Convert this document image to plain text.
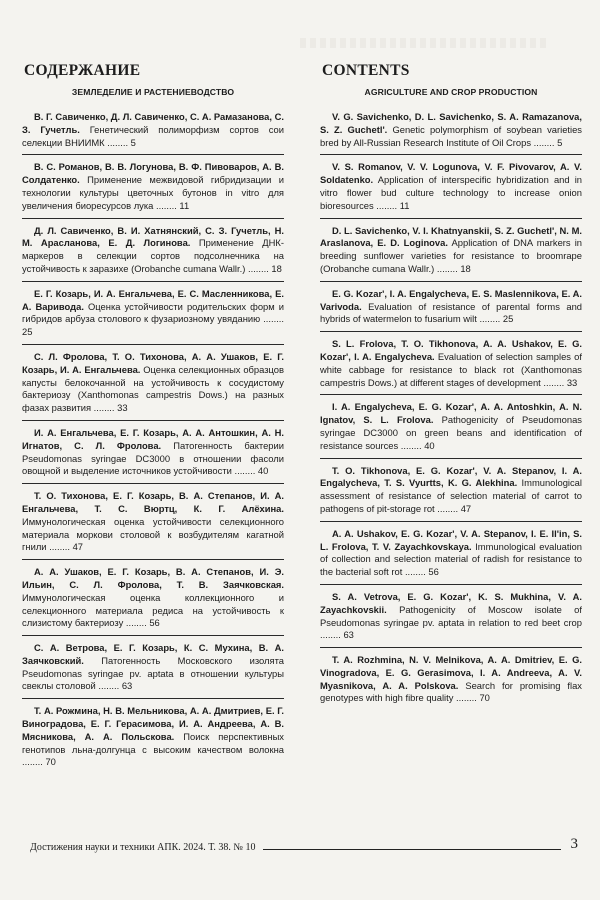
СОДЕРЖАНИЕ
ЗЕМЛЕДЕЛИЕ И РАСТЕНИЕВОДСТВО
В. Г. Савиченко, Д. Л. Савиченко, С. А. Рамазанова, С. З. Гучетль. Генетический полиморфизм сортов сои селекции ВНИИМК ........ 5
В. С. Романов, В. В. Логунова, В. Ф. Пивоваров, А. В. Солдатенко. Применение межвидовой гибридизации и технологии культуры цветочных бутонов in vitro для увеличения биоресурсов лука ........ 11
Д. Л. Савиченко, В. И. Хатнянский, С. З. Гучетль, Н. М. Арасланова, Е. Д. Логинова. Применение ДНК-маркеров в селекции сортов подсолнечника на устойчивость к заразихе (Orobanche cumana Wallr.) ........ 18
Е. Г. Козарь, И. А. Енгальчева, Е. С. Масленникова, Е. А. Варивода. Оценка устойчивости родительских форм и гибридов арбуза столового к фузариозному увяданию ........ 25
С. Л. Фролова, Т. О. Тихонова, А. А. Ушаков, Е. Г. Козарь, И. А. Енгальчева. Оценка селекционных образцов капусты белокочанной на устойчивость к сосудистому бактериозу (Xanthomonas campestris Dows.) на разных фазах развития ........ 33
И. А. Енгальчева, Е. Г. Козарь, А. А. Антошкин, А. Н. Игнатов, С. Л. Фролова. Патогенность бактерии Pseudomonas syringae DC3000 в отношении фасоли овощной и выделение источников устойчивости ........ 40
Т. О. Тихонова, Е. Г. Козарь, В. А. Степанов, И. А. Енгальчева, Т. С. Вюртц, К. Г. Алёхина. Иммунологическая оценка устойчивости селекционного материала моркови столовой к возбудителям кагатной гнили ........ 47
А. А. Ушаков, Е. Г. Козарь, В. А. Степанов, И. Э. Ильин, С. Л. Фролова, Т. В. Заячковская. Иммунологическая оценка коллекционного и селекционного материала редиса на устойчивость к слизистому бактериозу ........ 56
С. А. Ветрова, Е. Г. Козарь, К. С. Мухина, В. А. Заячковский. Патогенность Московского изолята Pseudomonas syringae pv. aptata в отношении культуры свеклы столовой ........ 63
Т. А. Рожмина, Н. В. Мельникова, А. А. Дмитриев, Е. Г. Виноградова, Е. Г. Герасимова, И. А. Андреева, А. В. Мясникова, А. А. Польскова. Поиск перспективных генотипов льна-долгунца с высоким качеством волокна ........ 70
CONTENTS
AGRICULTURE AND CROP PRODUCTION
V. G. Savichenko, D. L. Savichenko, S. A. Ramazanova, S. Z. Guchetl'. Genetic polymorphism of soybean varieties bred by All-Russian Research Institute of Oil Crops ........ 5
V. S. Romanov, V. V. Logunova, V. F. Pivovarov, A. V. Soldatenko. Application of interspecific hybridization and in vitro flower bud culture technology to increase onion bioresources ........ 11
D. L. Savichenko, V. I. Khatnyanskii, S. Z. Guchetl', N. M. Araslanova, E. D. Loginova. Application of DNA markers in breeding sunflower varieties for resistance to broomrape (Orobanche cumana Wallr.) ........ 18
E. G. Kozar', I. A. Engalycheva, E. S. Maslennikova, E. A. Varivoda. Evaluation of resistance of parental forms and hybrids of watermelon to fusarium wilt ........ 25
S. L. Frolova, T. O. Tikhonova, A. A. Ushakov, E. G. Kozar', I. A. Engalycheva. Evaluation of selection samples of white cabbage for resistance to black rot (Xanthomonas campestris Dows.) at different stages of development ........ 33
I. A. Engalycheva, E. G. Kozar', A. A. Antoshkin, A. N. Ignatov, S. L. Frolova. Pathogenicity of Pseudomonas syringae DC3000 on green beans and identification of resistance sources ........ 40
T. O. Tikhonova, E. G. Kozar', V. A. Stepanov, I. A. Engalycheva, T. S. Vyurtts, K. G. Alekhina. Immunological assessment of resistance of selection material of carrot to pathogens of pit-storage rot ........ 47
A. A. Ushakov, E. G. Kozar', V. A. Stepanov, I. E. Il'in, S. L. Frolova, T. V. Zayachkovskaya. Immunological evaluation of collection and selection material of radish for resistance to the bacterial soft rot ........ 56
S. A. Vetrova, E. G. Kozar', K. S. Mukhina, V. A. Zayachkovskii. Pathogenicity of Moscow isolate of Pseudomonas syringae pv. aptata in relation to red beet crop ........ 63
T. A. Rozhmina, N. V. Melnikova, A. A. Dmitriev, E. G. Vinogradova, E. G. Gerasimova, I. A. Andreeva, A. V. Myasnikova, A. A. Polskova. Search for promising flax genotypes with high fibre quality ........ 70
Достижения науки и техники АПК. 2024. Т. 38. № 10	3
